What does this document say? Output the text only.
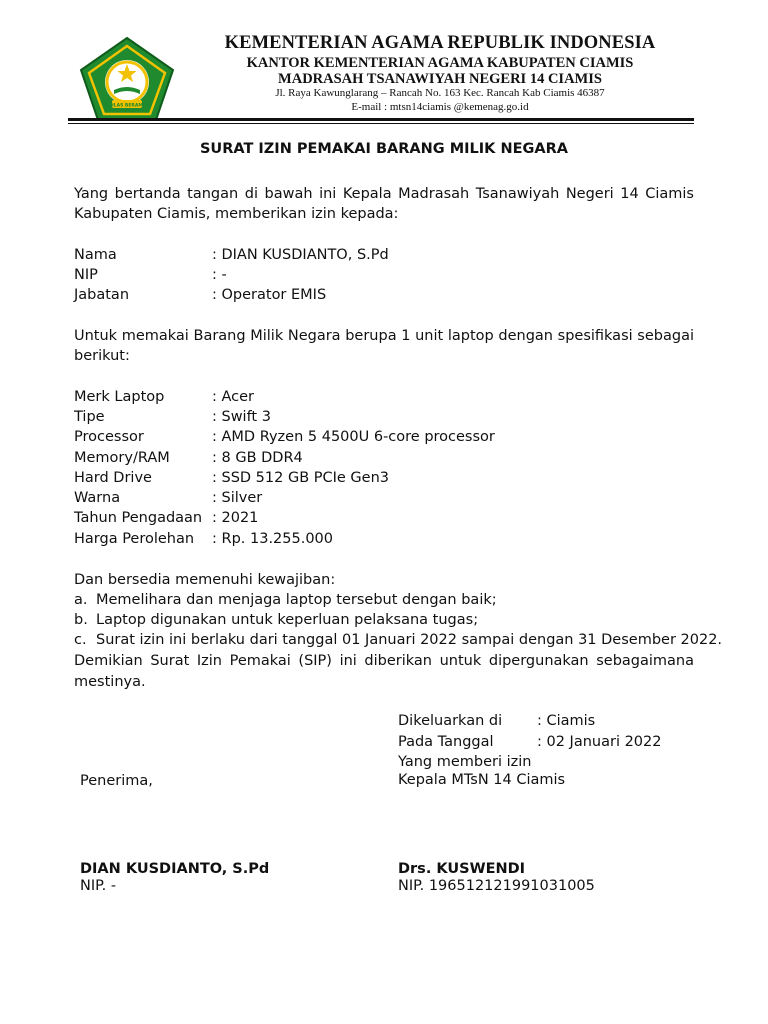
IKHLAS BERAMAL
KEMENTERIAN AGAMA REPUBLIK INDONESIA
KANTOR KEMENTERIAN AGAMA KABUPATEN CIAMIS
MADRASAH TSANAWIYAH NEGERI 14 CIAMIS
Jl. Raya Kawunglarang – Rancah No. 163 Kec. Rancah Kab Ciamis 46387
E-mail : mtsn14ciamis @kemenag.go.id
SURAT IZIN PEMAKAI BARANG MILIK NEGARA
Yang bertanda tangan di bawah ini Kepala Madrasah Tsanawiyah Negeri 14 Ciamis
Kabupaten Ciamis, memberikan izin kepada:
Nama	: DIAN KUSDIANTO, S.Pd
NIP	: -
Jabatan	: Operator EMIS
Untuk memakai Barang Milik Negara berupa 1 unit laptop dengan spesifikasi sebagai
berikut:
Merk Laptop	: Acer
Tipe	: Swift 3
Processor	: AMD Ryzen 5 4500U 6-core processor
Memory/RAM	: 8 GB DDR4
Hard Drive	: SSD 512 GB PCIe Gen3
Warna	: Silver
Tahun Pengadaan : 2021
Harga Perolehan : Rp. 13.255.000
Dan bersedia memenuhi kewajiban:
a. Memelihara dan menjaga laptop tersebut dengan baik;
b. Laptop digunakan untuk keperluan pelaksana tugas;
c. Surat izin ini berlaku dari tanggal 01 Januari 2022 sampai dengan 31 Desember 2022.
Demikian Surat Izin Pemakai (SIP) ini diberikan untuk dipergunakan sebagaimana
mestinya.
Dikeluarkan di : Ciamis
Pada Tanggal	: 02 Januari 2022
Yang memberi izin
Kepala MTsN 14 Ciamis
Penerima,
DIAN KUSDIANTO, S.Pd
NIP. -
Drs. KUSWENDI
NIP. 196512121991031005
